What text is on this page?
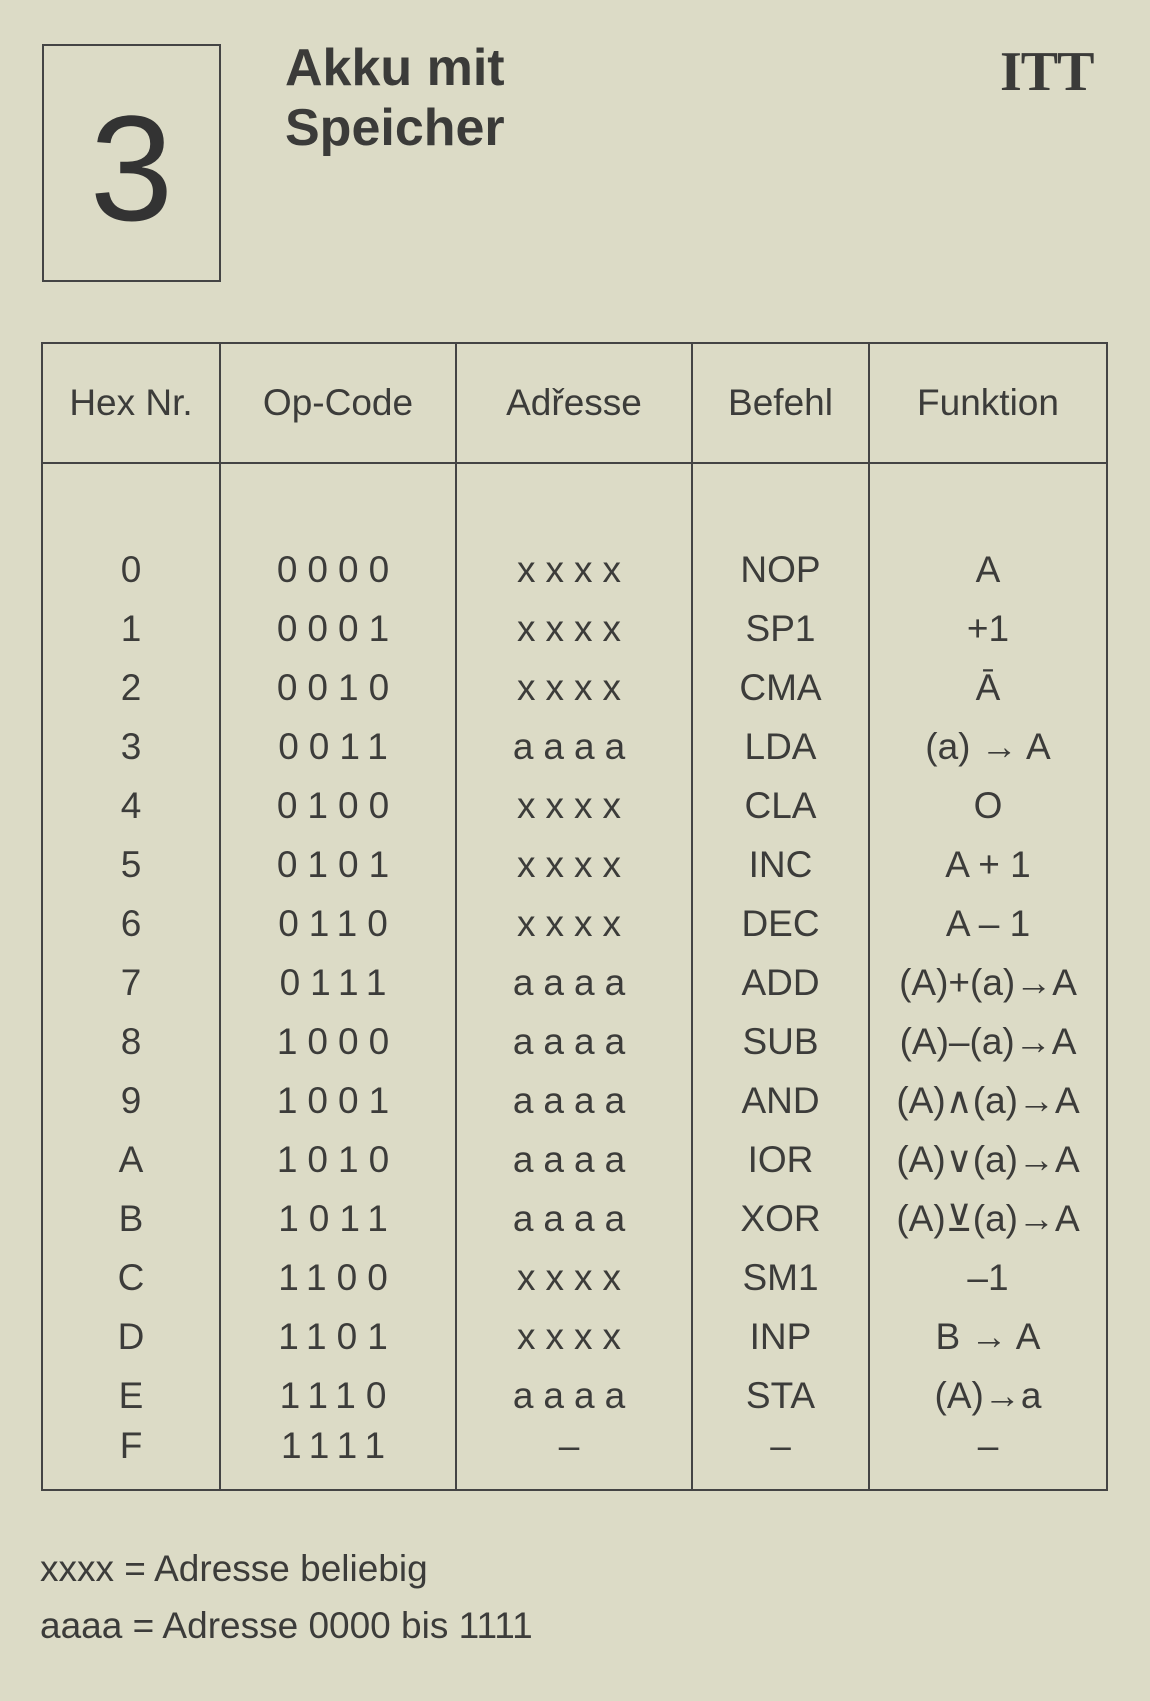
3
Akku mit
Speicher
ITT
Hex Nr.	Op-Code	Adřesse	Befehl	Funktion

0	0000	xxxx	NOP	A
1	0001	xxxx	SP1	+1
2	0010	xxxx	CMA	Ā
3	0011	aaaa	LDA	(a) → A
4	0100	xxxx	CLA	O
5	0101	xxxx	INC	A + 1
6	0110	xxxx	DEC	A – 1
7	0111	aaaa	ADD	(A)+(a)→A
8	1000	aaaa	SUB	(A)–(a)→A
9	1001	aaaa	AND	(A)∧(a)→A
A	1010	aaaa	IOR	(A)∨(a)→A
B	1011	aaaa	XOR	(A)⊻(a)→A
C	1100	xxxx	SM1	–1
D	1101	xxxx	INP	B → A
E	1110	aaaa	STA	(A)→a
F	1111	–	–	–
xxxx = Adresse beliebig
aaaa = Adresse 0000 bis 1111
